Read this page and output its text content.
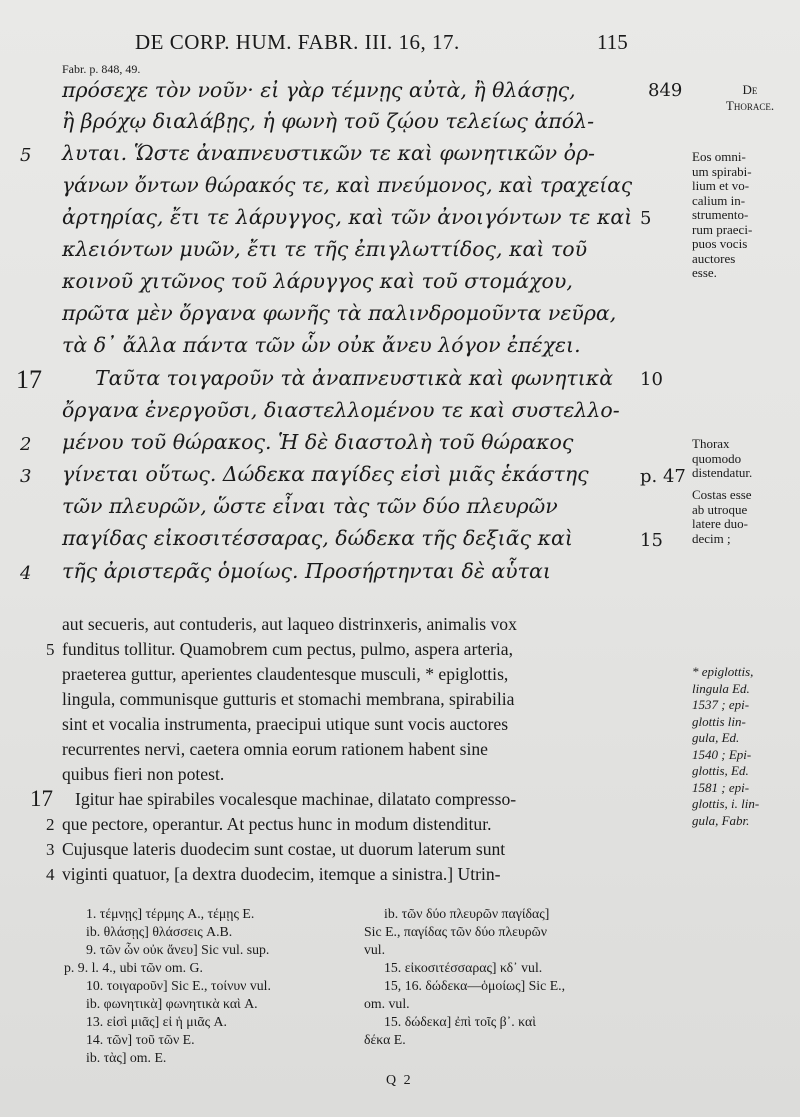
DE CORP. HUM. FABR. III. 16, 17.	115
Fabr. p. 848, 49.
πρόσεχε τὸν νοῦν· εἰ γὰρ τέμνῃς αὐτὰ, ἢ θλάσῃς,
ἢ βρόχῳ διαλάβῃς, ἡ φωνὴ τοῦ ζῴου τελείως ἀπόλ-
λυται. Ὥστε ἀναπνευστικῶν τε καὶ φωνητικῶν ὀρ-
γάνων ὄντων θώρακός τε, καὶ πνεύμονος, καὶ τραχείας
ἀρτηρίας, ἔτι τε λάρυγγος, καὶ τῶν ἀνοιγόντων τε καὶ
κλειόντων μυῶν, ἔτι τε τῆς ἐπιγλωττίδος, καὶ τοῦ
κοινοῦ χιτῶνος τοῦ λάρυγγος καὶ τοῦ στομάχου,
πρῶτα μὲν ὄργανα φωνῆς τὰ παλινδρομοῦντα νεῦρα,
τὰ δ᾽ ἄλλα πάντα τῶν ὧν οὐκ ἄνευ λόγον ἐπέχει.
Ταῦτα τοιγαροῦν τὰ ἀναπνευστικὰ καὶ φωνητικὰ
ὄργανα ἐνεργοῦσι, διαστελλομένου τε καὶ συστελλο-
μένου τοῦ θώρακος. Ἡ δὲ διαστολὴ τοῦ θώρακος
γίνεται οὕτως. Δώδεκα παγίδες εἰσὶ μιᾶς ἑκάστης
τῶν πλευρῶν, ὥστε εἶναι τὰς τῶν δύο πλευρῶν
παγίδας εἰκοσιτέσσαρας, δώδεκα τῆς δεξιᾶς καὶ
τῆς ἀριστερᾶς ὁμοίως. Προσήρτηνται δὲ αὗται
5
17
2
3
4
849
5
10
p. 47
15
aut secueris, aut contuderis, aut laqueo distrinxeris, animalis vox
funditus tollitur. Quamobrem cum pectus, pulmo, aspera arteria,
praeterea guttur, aperientes claudentesque musculi, * epiglottis,
lingula, communisque gutturis et stomachi membrana, spirabilia
sint et vocalia instrumenta, praecipui utique sunt vocis auctores
recurrentes nervi, caetera omnia eorum rationem habent sine
quibus fieri non potest.
Igitur hae spirabiles vocalesque machinae, dilatato compresso-
que pectore, operantur. At pectus hunc in modum distenditur.
Cujusque lateris duodecim sunt costae, ut duorum laterum sunt
viginti quatuor, [a dextra duodecim, itemque a sinistra.] Utrin-
5
17
2
3
4
De
Thorace.
Eos omni-
um spirabi-
lium et vo-
calium in-
strumento-
rum praeci-
puos vocis
auctores
esse.
Thorax
quomodo
distendatur.
Costas esse
ab utroque
latere duo-
decim ;
* epiglottis,
lingula Ed.
1537 ; epi-
glottis lin-
gula, Ed.
1540 ; Epi-
glottis, Ed.
1581 ; epi-
glottis, i. lin-
gula, Fabr.
1. τέμνῃς] τέρμης A., τέμῃς E.
ib. θλάσῃς] θλάσσεις A.B.
9. τῶν ὧν οὐκ ἄνευ] Sic vul. sup.
p. 9. l. 4., ubi τῶν om. G.
10. τοιγαροῦν] Sic E., τοίνυν vul.
ib. φωνητικὰ] φωνητικὰ καὶ A.
13. εἰσὶ μιᾶς] εἰ ἡ μιᾶς A.
14. τῶν] τοῦ τῶν E.
ib. τὰς] om. E.
ib. τῶν δύο πλευρῶν παγίδας]
Sic E., παγίδας τῶν δύο πλευρῶν
vul.
15. εἰκοσιτέσσαρας] κδ᾽ vul.
15, 16. δώδεκα—ὁμοίως] Sic E.,
om. vul.
15. δώδεκα] ἐπὶ τοῖς β᾽. καὶ
δέκα E.
Q 2
